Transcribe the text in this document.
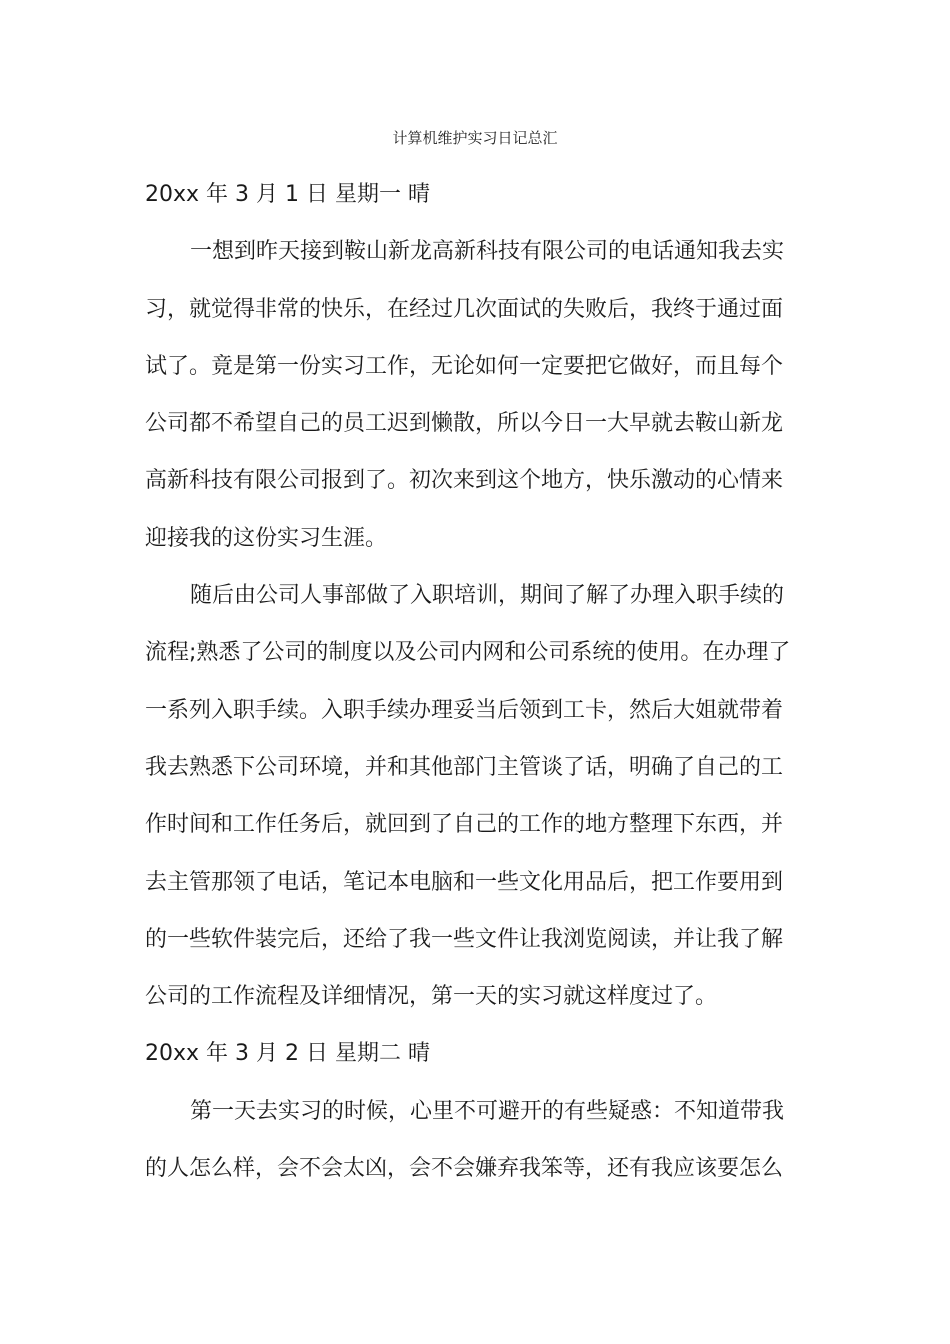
计算机维护实习日记总汇

20xx 年 3 月 1 日 星期一 晴

一想到昨天接到鞍山新龙高新科技有限公司的电话通知我去实
习，就觉得非常的快乐，在经过几次面试的失败后，我终于通过面
试了。竟是第一份实习工作，无论如何一定要把它做好，而且每个
公司都不希望自己的员工迟到懒散，所以今日一大早就去鞍山新龙
高新科技有限公司报到了。初次来到这个地方，快乐激动的心情来
迎接我的这份实习生涯。

随后由公司人事部做了入职培训，期间了解了办理入职手续的
流程;熟悉了公司的制度以及公司内网和公司系统的使用。在办理了
一系列入职手续。入职手续办理妥当后领到工卡，然后大姐就带着
我去熟悉下公司环境，并和其他部门主管谈了话，明确了自己的工
作时间和工作任务后，就回到了自己的工作的地方整理下东西，并
去主管那领了电话，笔记本电脑和一些文化用品后，把工作要用到
的一些软件装完后，还给了我一些文件让我浏览阅读，并让我了解
公司的工作流程及详细情况，第一天的实习就这样度过了。

20xx 年 3 月 2 日 星期二 晴

第一天去实习的时候，心里不可避开的有些疑惑：不知道带我
的人怎么样，会不会太凶，会不会嫌弃我笨等，还有我应该要怎么
